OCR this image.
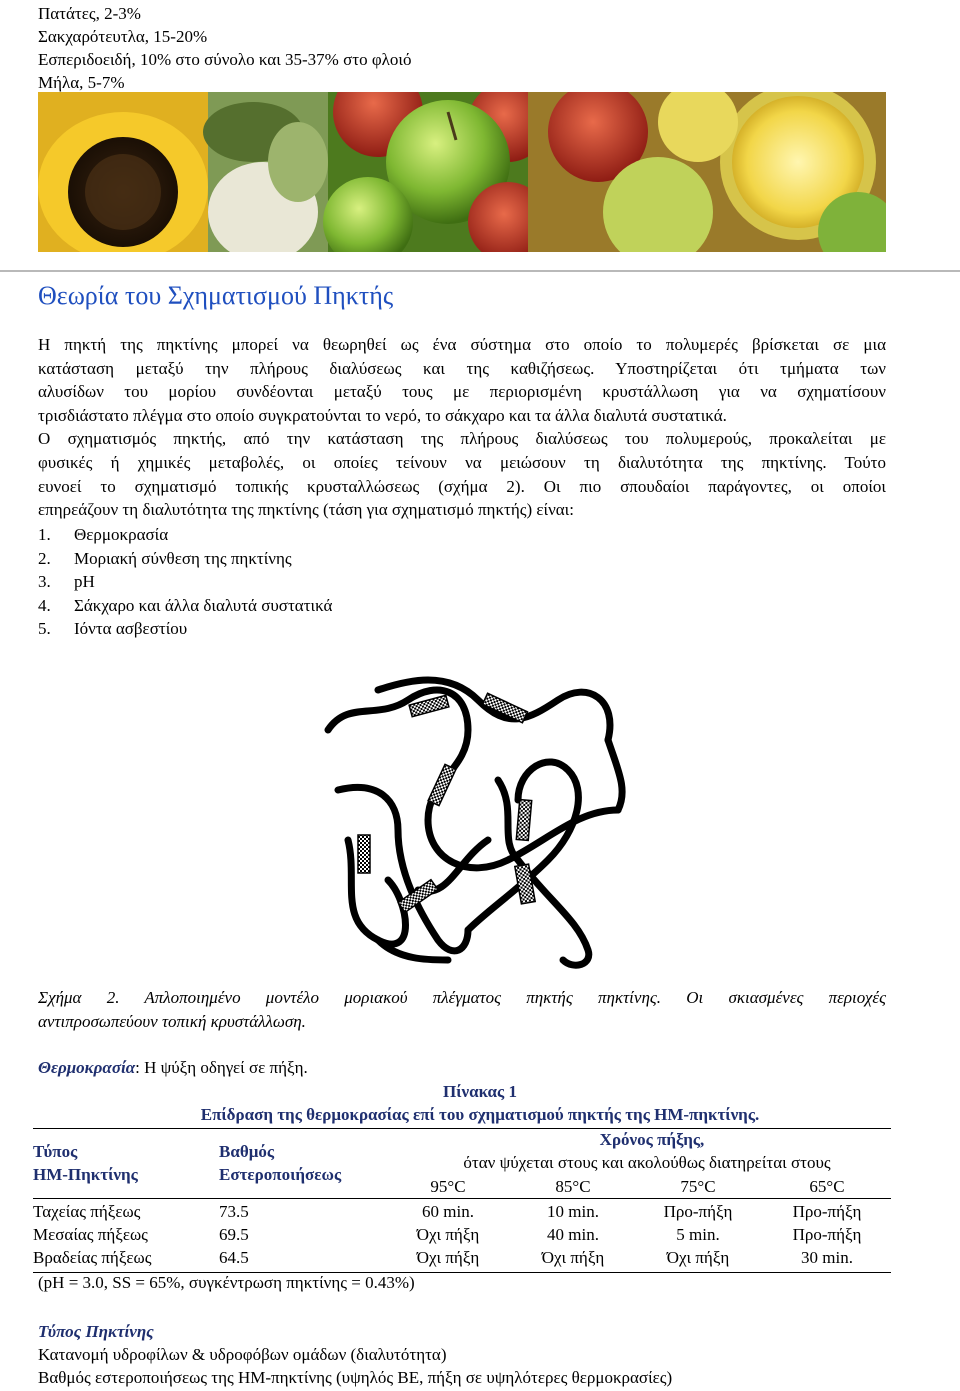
Πατάτες, 2-3%
Σακχαρότευτλα, 15-20%
Εσπεριδοειδή, 10% στο σύνολο και 35-37% στο φλοιό
Μήλα, 5-7%
Θεωρία του Σχηματισμού Πηκτής
Η πηκτή της πηκτίνης μπορεί να θεωρηθεί ως ένα σύστημα στο οποίο το πολυμερές βρίσκεται σε μια
κατάσταση μεταξύ την πλήρους διαλύσεως και της καθιζήσεως. Υποστηρίζεται ότι τμήματα των
αλυσίδων του μορίου συνδέονται μεταξύ τους με περιορισμένη κρυστάλλωση για να σχηματίσουν
τρισδιάστατο πλέγμα στο οποίο συγκρατούνται το νερό, το σάκχαρο και τα άλλα διαλυτά συστατικά.
Ο σχηματισμός πηκτής, από την κατάσταση της πλήρους διαλύσεως του πολυμερούς, προκαλείται με
φυσικές ή χημικές μεταβολές, οι οποίες τείνουν να μειώσουν τη διαλυτότητα της πηκτίνης. Τούτο
ευνοεί το σχηματισμό τοπικής κρυσταλλώσεως (σχήμα 2). Οι πιο σπουδαίοι παράγοντες, οι οποίοι
επηρεάζουν τη διαλυτότητα της πηκτίνης (τάση για σχηματισμό πηκτής) είναι:
1. Θερμοκρασία
2. Μοριακή σύνθεση της πηκτίνης
3. pH
4. Σάκχαρο και άλλα διαλυτά συστατικά
5. Ιόντα ασβεστίου
Σχήμα 2. Απλοποιημένο μοντέλο μοριακού πλέγματος πηκτής πηκτίνης. Οι σκιασμένες περιοχές
αντιπροσωπεύουν τοπική κρυστάλλωση.
Θερμοκρασία: Η ψύξη οδηγεί σε πήξη.
Πίνακας 1
Επίδραση της θερμοκρασίας επί του σχηματισμού πηκτής της ΗΜ-πηκτίνης.
Τύπος
ΗΜ-Πηκτίνης
Βαθμός
Εστεροποιήσεως
Χρόνος πήξης,
όταν ψύχεται στους και ακολούθως διατηρείται στους
95°C	85°C	75°C	65°C
Ταχείας πήξεως	73.5	60 min.	10 min.	Προ-πήξη	Προ-πήξη
Μεσαίας πήξεως	69.5	Όχι πήξη	40 min.	5 min.	Προ-πήξη
Βραδείας πήξεως	64.5	Όχι πήξη	Όχι πήξη	Όχι πήξη	30 min.
(pH = 3.0, SS = 65%, συγκέντρωση πηκτίνης = 0.43%)
Τύπος Πηκτίνης
Κατανομή υδροφίλων & υδροφόβων ομάδων (διαλυτότητα)
Βαθμός εστεροποιήσεως της ΗΜ-πηκτίνης (υψηλός ΒΕ, πήξη σε υψηλότερες θερμοκρασίες)
